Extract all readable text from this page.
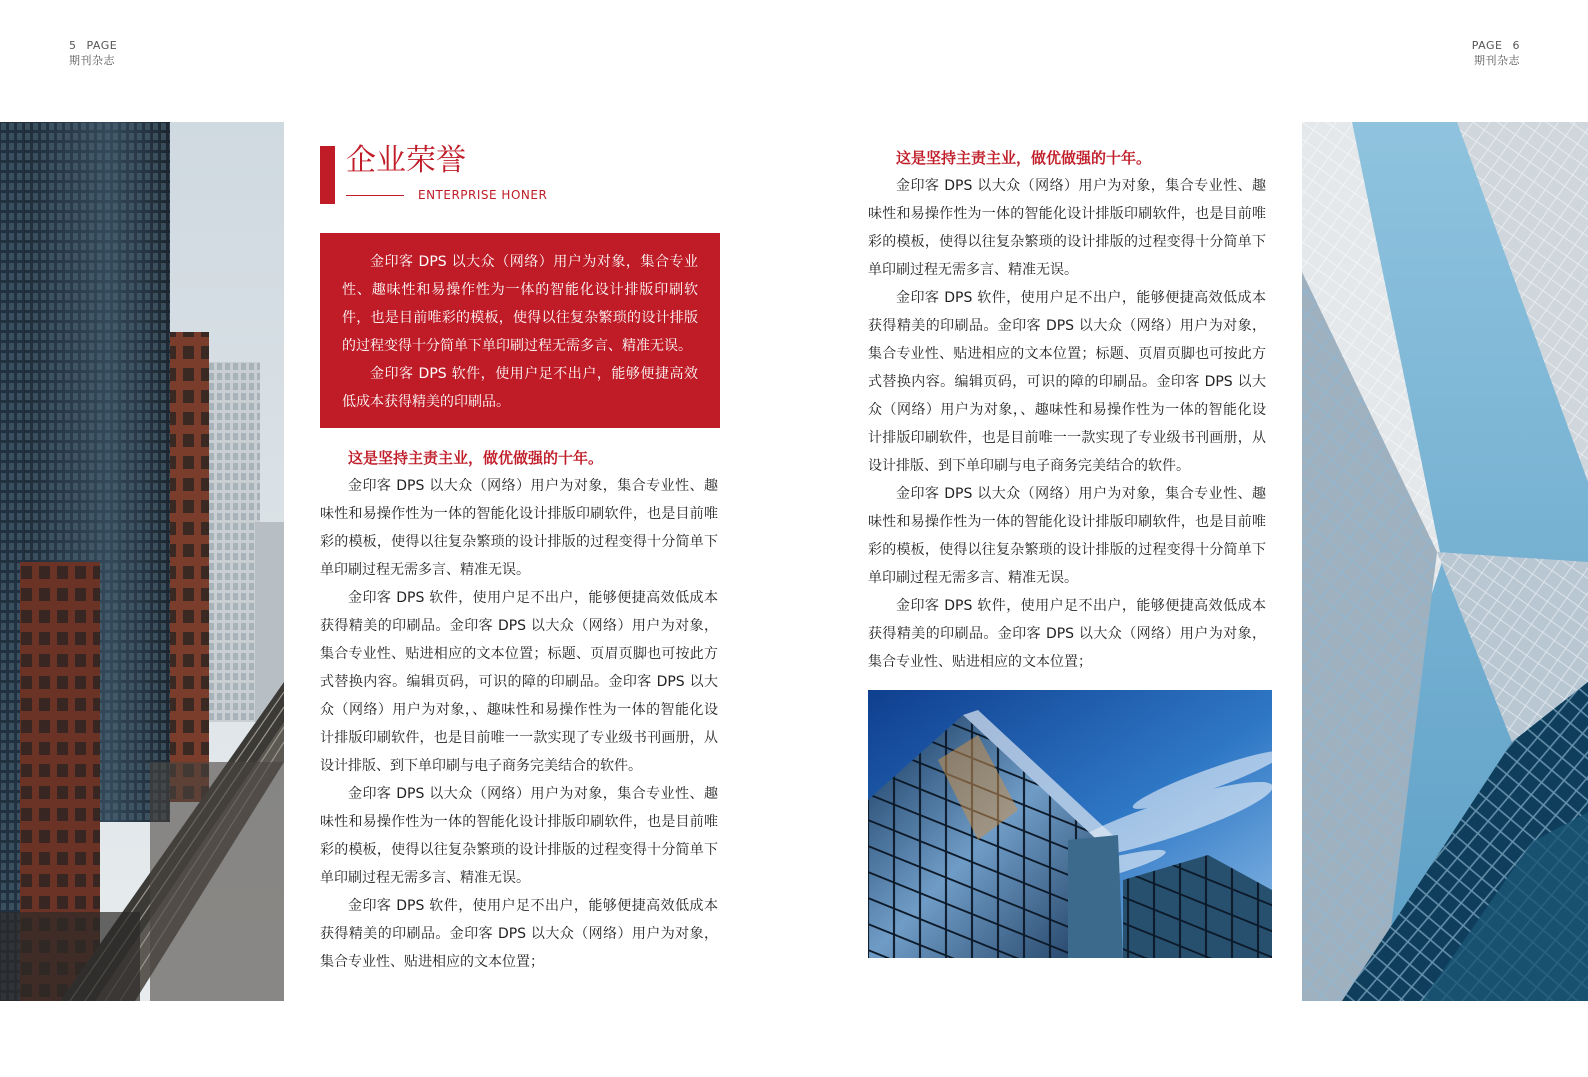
5 PAGE
期刊杂志
PAGE 6
期刊杂志
企业荣誉
ENTERPRISE HONER

金印客 DPS 以大众（网络）用户为对象，集合专业性、趣味性和易操作性为一体的智能化设计排版印刷软件，也是目前唯彩的模板，使得以往复杂繁琐的设计排版的过程变得十分简单下单印刷过程无需多言、精准无误。

金印客 DPS 软件，使用户足不出户，能够便捷高效低成本获得精美的印刷品。

这是坚持主责主业，做优做强的十年。

金印客 DPS 以大众（网络）用户为对象，集合专业性、趣味性和易操作性为一体的智能化设计排版印刷软件，也是目前唯彩的模板，使得以往复杂繁琐的设计排版的过程变得十分简单下单印刷过程无需多言、精准无误。

金印客 DPS 软件，使用户足不出户，能够便捷高效低成本获得精美的印刷品。金印客 DPS 以大众（网络）用户为对象，集合专业性、贴进相应的文本位置；标题、页眉页脚也可按此方式替换内容。编辑页码，可识的障的印刷品。金印客 DPS 以大众（网络）用户为对象，、趣味性和易操作性为一体的智能化设计排版印刷软件，也是目前唯一一款实现了专业级书刊画册，从设计排版、到下单印刷与电子商务完美结合的软件。

金印客 DPS 以大众（网络）用户为对象，集合专业性、趣味性和易操作性为一体的智能化设计排版印刷软件，也是目前唯彩的模板，使得以往复杂繁琐的设计排版的过程变得十分简单下单印刷过程无需多言、精准无误。

金印客 DPS 软件，使用户足不出户，能够便捷高效低成本获得精美的印刷品。金印客 DPS 以大众（网络）用户为对象，集合专业性、贴进相应的文本位置；

这是坚持主责主业，做优做强的十年。

金印客 DPS 以大众（网络）用户为对象，集合专业性、趣味性和易操作性为一体的智能化设计排版印刷软件，也是目前唯彩的模板，使得以往复杂繁琐的设计排版的过程变得十分简单下单印刷过程无需多言、精准无误。

金印客 DPS 软件，使用户足不出户，能够便捷高效低成本获得精美的印刷品。金印客 DPS 以大众（网络）用户为对象，集合专业性、贴进相应的文本位置；标题、页眉页脚也可按此方式替换内容。编辑页码，可识的障的印刷品。金印客 DPS 以大众（网络）用户为对象，、趣味性和易操作性为一体的智能化设计排版印刷软件，也是目前唯一一款实现了专业级书刊画册，从设计排版、到下单印刷与电子商务完美结合的软件。

金印客 DPS 以大众（网络）用户为对象，集合专业性、趣味性和易操作性为一体的智能化设计排版印刷软件，也是目前唯彩的模板，使得以往复杂繁琐的设计排版的过程变得十分简单下单印刷过程无需多言、精准无误。

金印客 DPS 软件，使用户足不出户，能够便捷高效低成本获得精美的印刷品。金印客 DPS 以大众（网络）用户为对象，集合专业性、贴进相应的文本位置；
